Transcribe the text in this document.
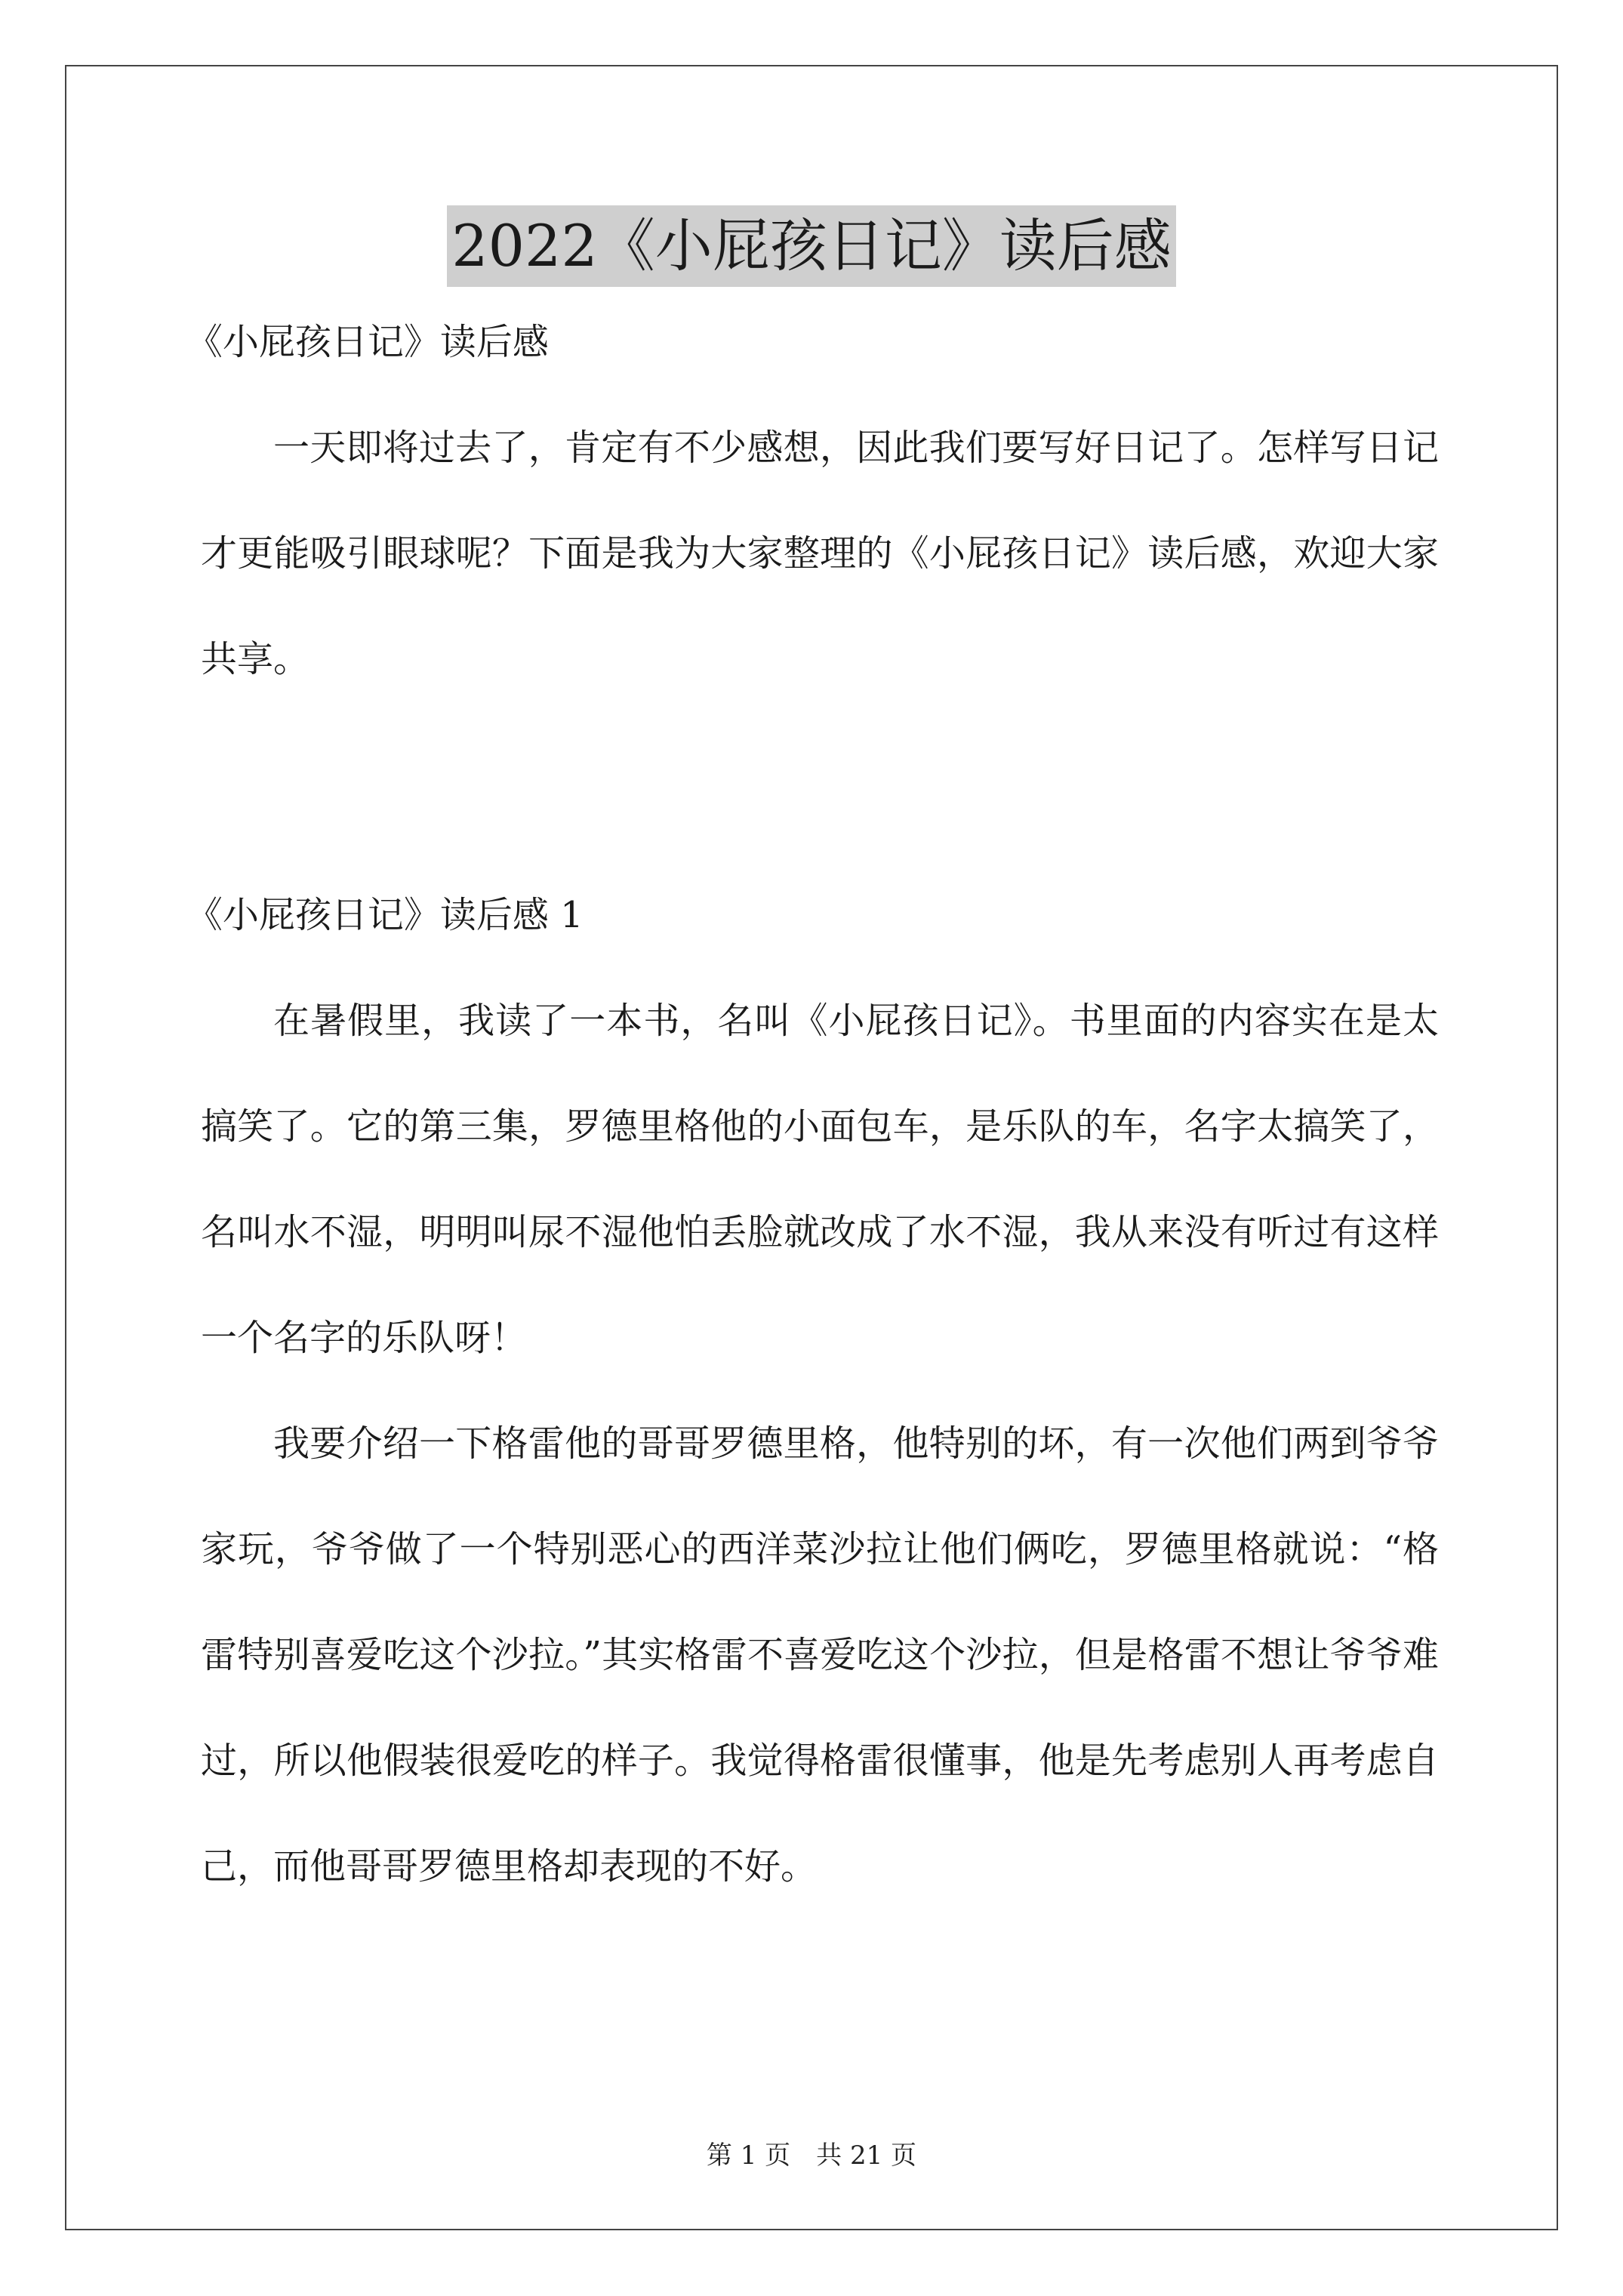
2022《小屁孩日记》读后感

《小屁孩日记》读后感

一天即将过去了，肯定有不少感想，因此我们要写好日记了。怎样写日记才更能吸引眼球呢？下面是我为大家整理的《小屁孩日记》读后感，欢迎大家共享。

《小屁孩日记》读后感 1

在暑假里，我读了一本书，名叫《小屁孩日记》。书里面的内容实在是太搞笑了。它的第三集，罗德里格他的小面包车，是乐队的车，名字太搞笑了，名叫水不湿，明明叫尿不湿他怕丢脸就改成了水不湿，我从来没有听过有这样一个名字的乐队呀！

我要介绍一下格雷他的哥哥罗德里格，他特别的坏，有一次他们两到爷爷家玩，爷爷做了一个特别恶心的西洋菜沙拉让他们俩吃，罗德里格就说：“格雷特别喜爱吃这个沙拉。”其实格雷不喜爱吃这个沙拉，但是格雷不想让爷爷难过，所以他假装很爱吃的样子。我觉得格雷很懂事，他是先考虑别人再考虑自己，而他哥哥罗德里格却表现的不好。

第 1 页　共 21 页
